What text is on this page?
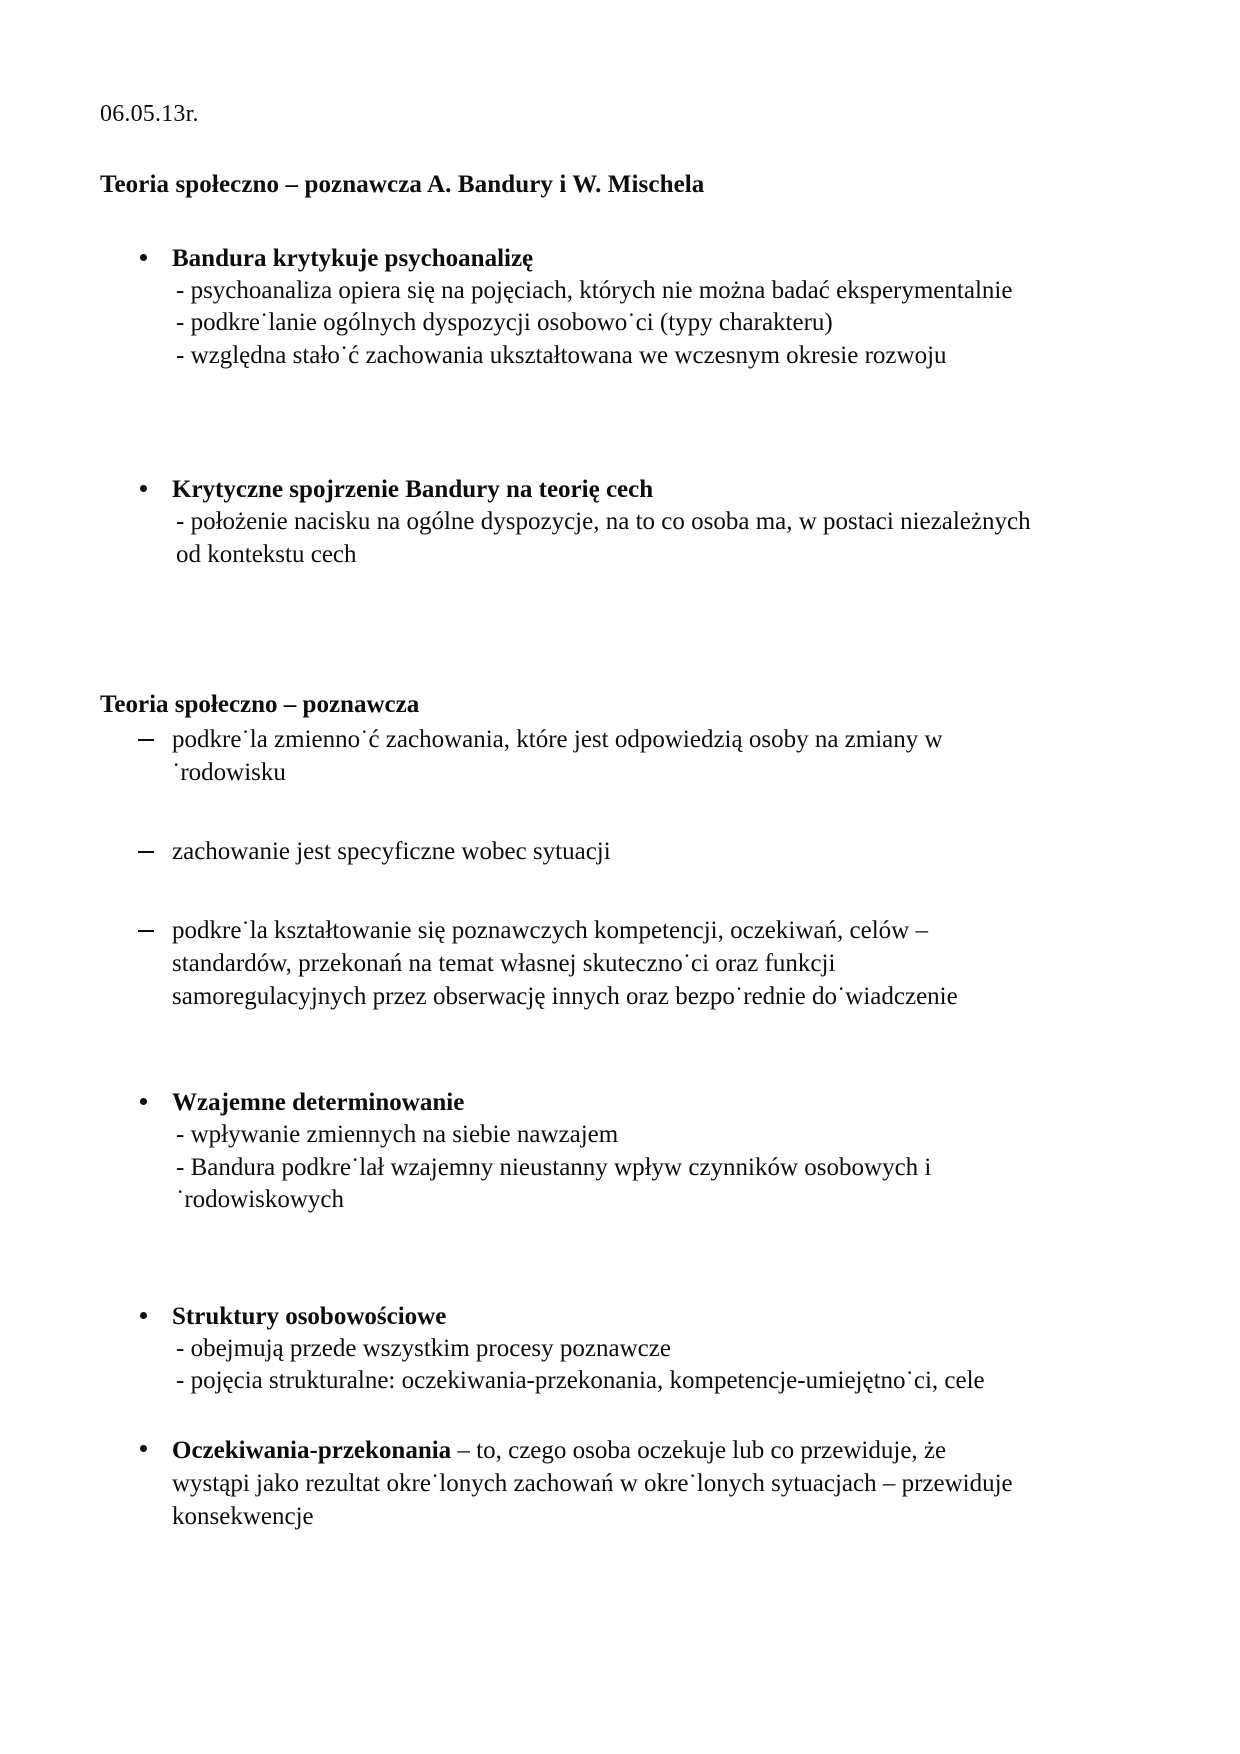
06.05.13r.

Teoria społeczno – poznawcza A. Bandury i W. Mischela

Bandura krytykuje psychoanalizę

- psychoanaliza opiera się na pojęciach, których nie można badać eksperymentalnie

- podkre˙lanie ogólnych dyspozycji osobowo˙ci (typy charakteru)

- względna stało˙ć zachowania ukształtowana we wczesnym okresie rozwoju

Krytyczne spojrzenie Bandury na teorię cech

- położenie nacisku na ogólne dyspozycje, na to co osoba ma, w postaci niezależnych

od kontekstu cech

Teoria społeczno – poznawcza

podkre˙la zmienno˙ć zachowania, które jest odpowiedzią osoby na zmiany w

˙rodowisku

zachowanie jest specyficzne wobec sytuacji

podkre˙la kształtowanie się poznawczych kompetencji, oczekiwań, celów –

standardów, przekonań na temat własnej skuteczno˙ci oraz funkcji

samoregulacyjnych przez obserwację innych oraz bezpo˙rednie do˙wiadczenie

Wzajemne determinowanie

- wpływanie zmiennych na siebie nawzajem

- Bandura podkre˙lał wzajemny nieustanny wpływ czynników osobowych i

˙rodowiskowych

Struktury osobowościowe

- obejmują przede wszystkim procesy poznawcze

- pojęcia strukturalne: oczekiwania-przekonania, kompetencje-umiejętno˙ci, cele

Oczekiwania-przekonania – to, czego osoba oczekuje lub co przewiduje, że

wystąpi jako rezultat okre˙lonych zachowań w okre˙lonych sytuacjach – przewiduje

konsekwencje
